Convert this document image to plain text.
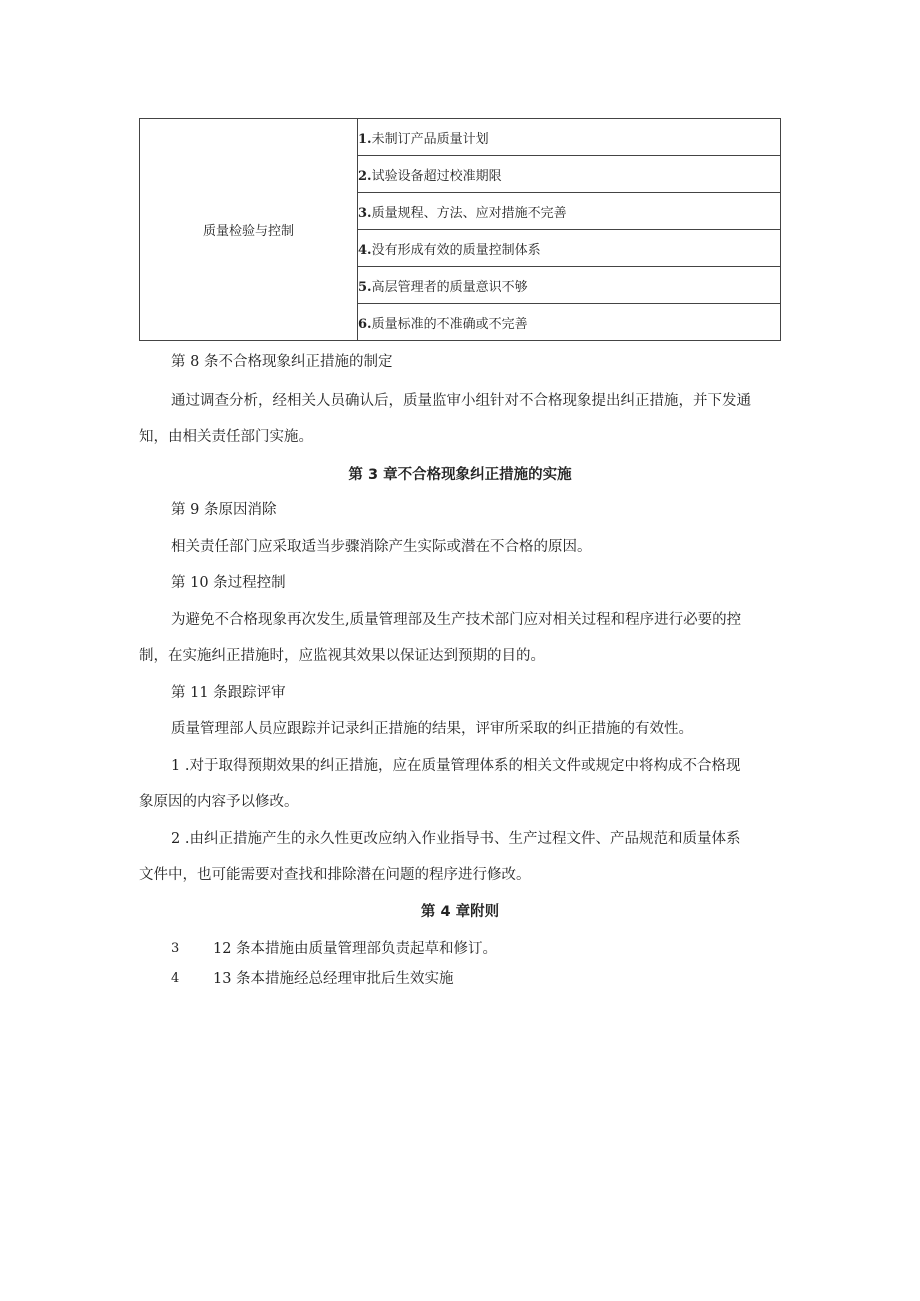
质量检验与控制	1.未制订产品质量计划
2.试验设备超过校准期限
3.质量规程、方法、应对措施不完善
4.没有形成有效的质量控制体系
5.高层管理者的质量意识不够
6.质量标准的不准确或不完善
第 8 条不合格现象纠正措施的制定
通过调查分析，经相关人员确认后，质量监审小组针对不合格现象提出纠正措施，并下发通
知，由相关责任部门实施。
第 3 章不合格现象纠正措施的实施
第 9 条原因消除
相关责任部门应采取适当步骤消除产生实际或潜在不合格的原因。
第 10 条过程控制
为避免不合格现象再次发生,质量管理部及生产技术部门应对相关过程和程序进行必要的控
制，在实施纠正措施时，应监视其效果以保证达到预期的目的。
第 11 条跟踪评审
质量管理部人员应跟踪并记录纠正措施的结果，评审所采取的纠正措施的有效性。
1 .对于取得预期效果的纠正措施，应在质量管理体系的相关文件或规定中将构成不合格现
象原因的内容予以修改。
2 .由纠正措施产生的永久性更改应纳入作业指导书、生产过程文件、产品规范和质量体系
文件中，也可能需要对查找和排除潜在问题的程序进行修改。
第 4 章附则
3 12 条本措施由质量管理部负责起草和修订。
4 13 条本措施经总经理审批后生效实施
